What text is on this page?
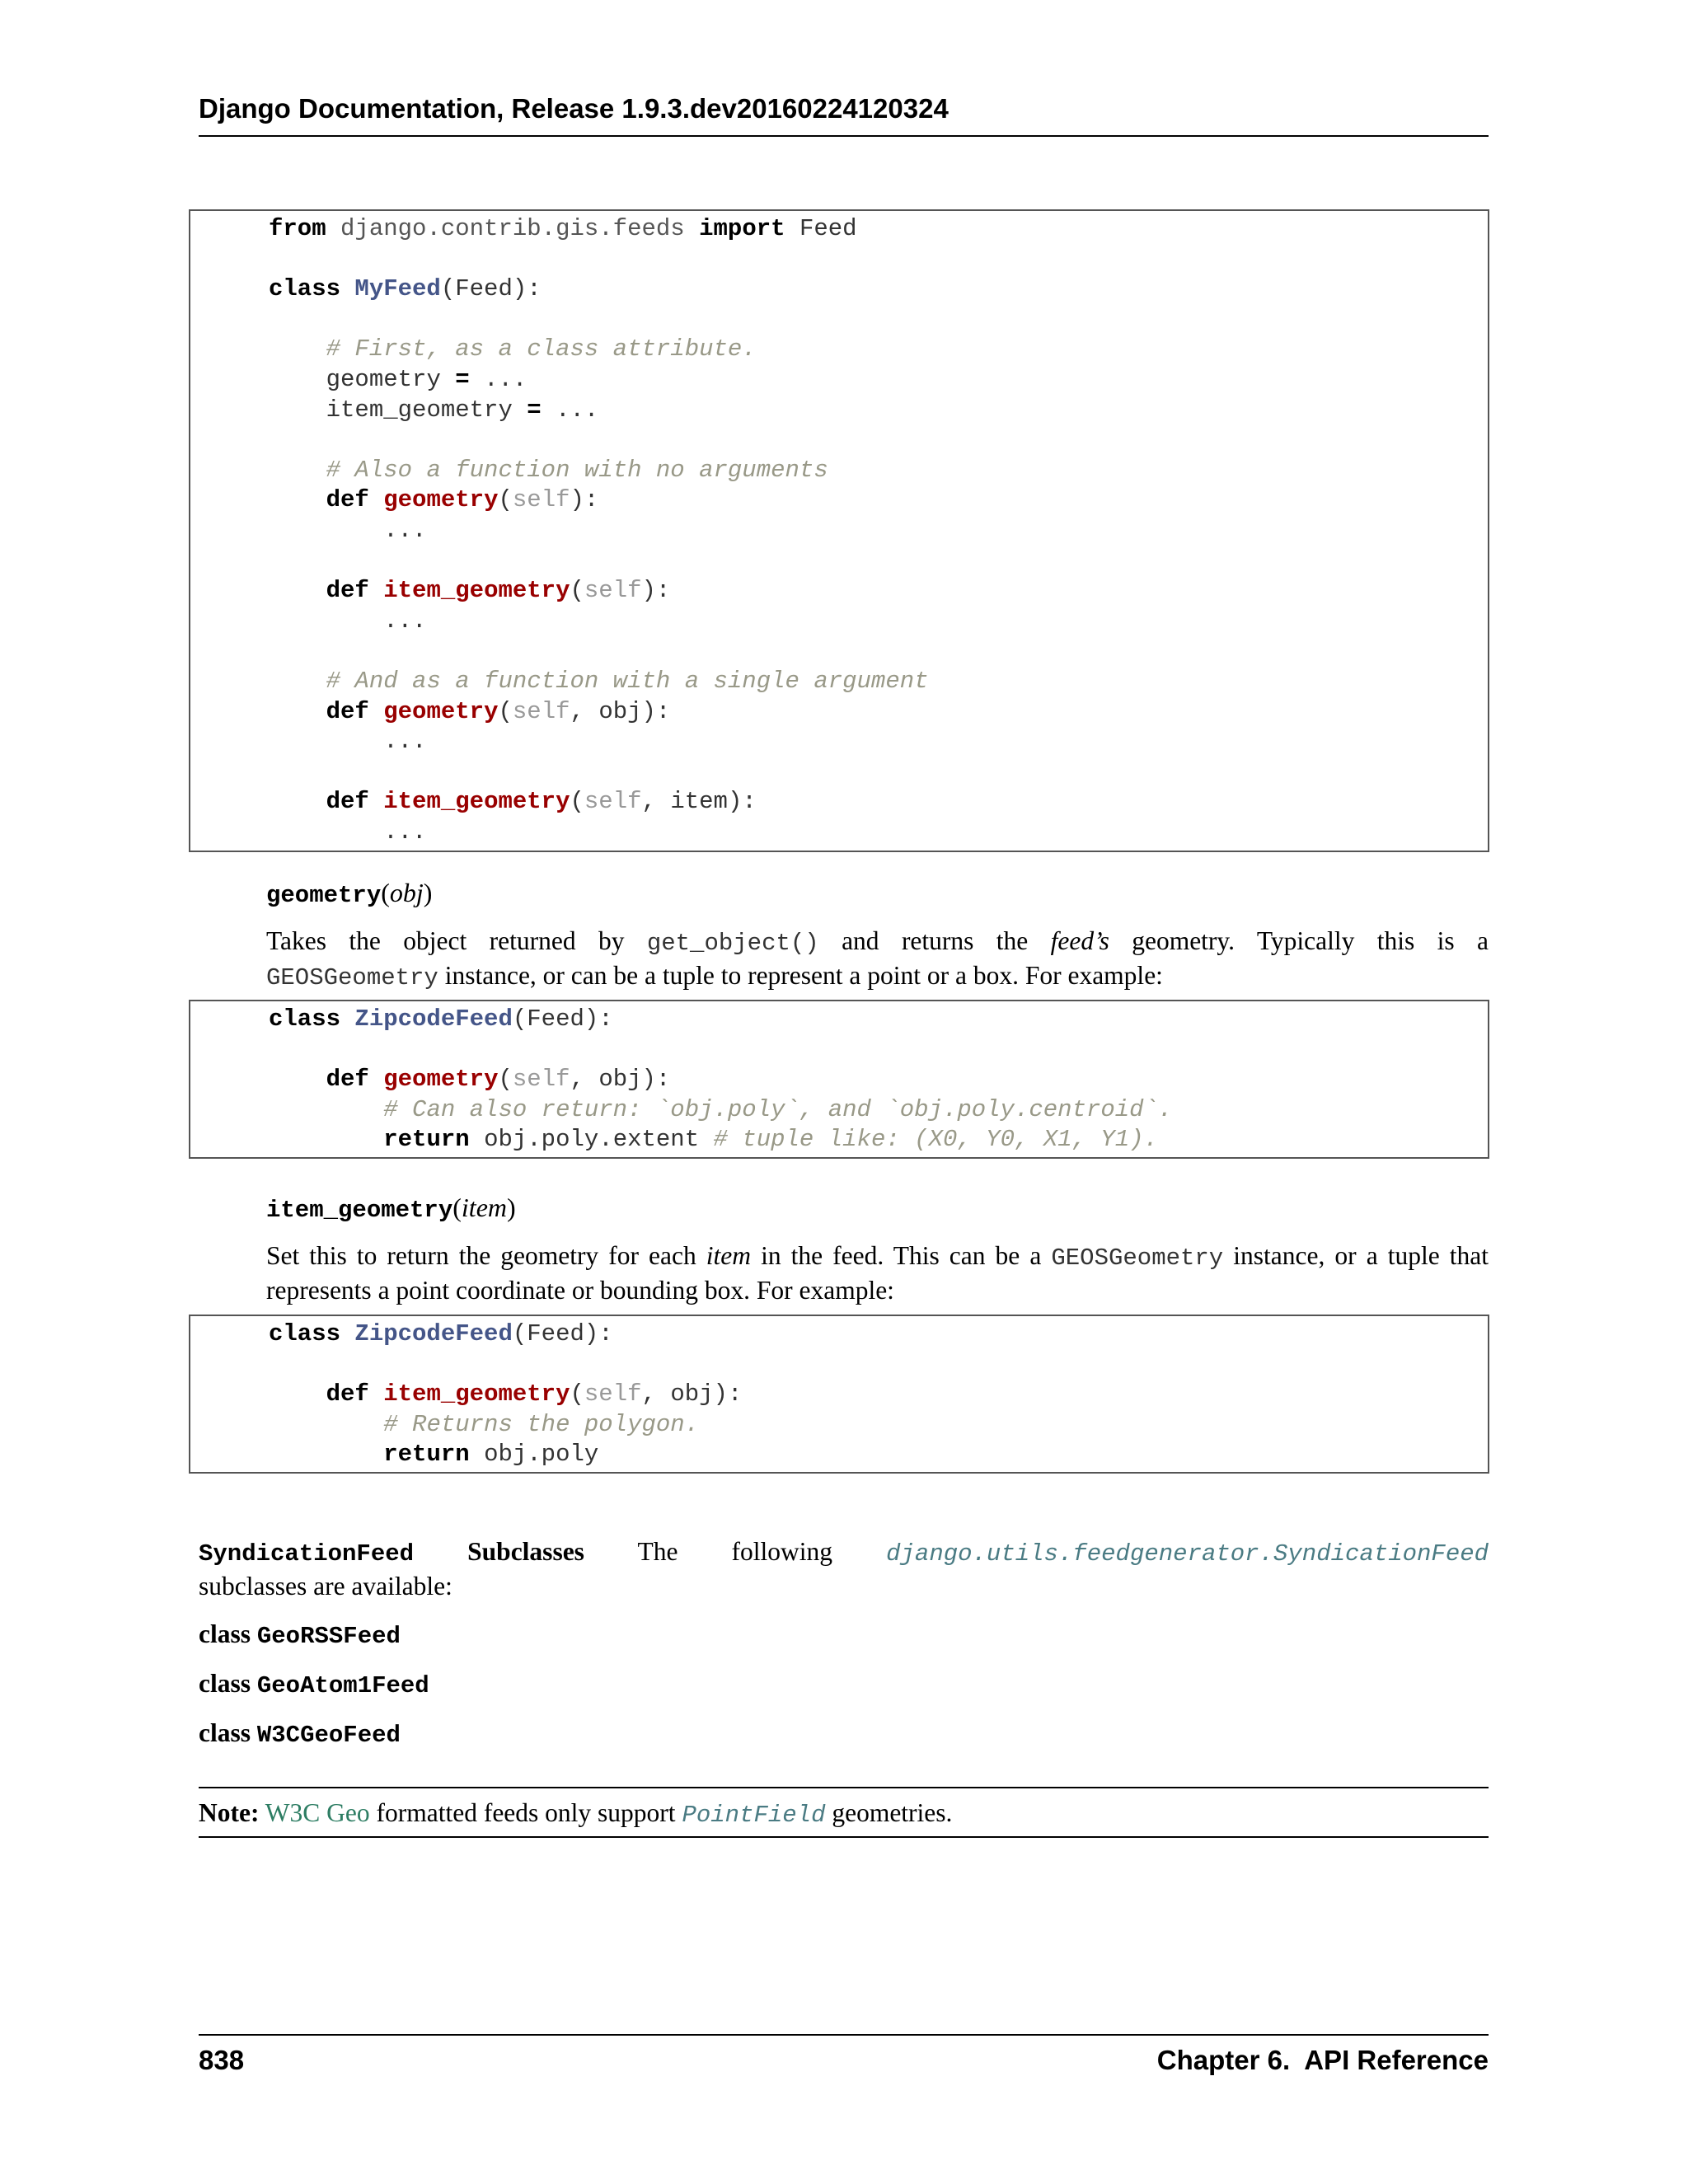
Django Documentation, Release 1.9.3.dev20160224120324
from django.contrib.gis.feeds import Feed

class MyFeed(Feed):

# First, as a class attribute.
geometry = ...
item_geometry = ...

# Also a function with no arguments
def geometry(self):
...

def item_geometry(self):
...

# And as a function with a single argument
def geometry(self, obj):
...

def item_geometry(self, item):
...
geometry(obj)
Takes the object returned by get_object() and returns the feed’s geometry. Typically this is a
GEOSGeometry instance, or can be a tuple to represent a point or a box. For example:
class ZipcodeFeed(Feed):

def geometry(self, obj):
# Can also return: `obj.poly`, and `obj.poly.centroid`.
return obj.poly.extent # tuple like: (X0, Y0, X1, Y1).
item_geometry(item)
Set this to return the geometry for each item in the feed. This can be a GEOSGeometry instance, or a tuple that
represents a point coordinate or bounding box. For example:
class ZipcodeFeed(Feed):

def item_geometry(self, obj):
# Returns the polygon.
return obj.poly
SyndicationFeed Subclasses The following django.utils.feedgenerator.SyndicationFeed
subclasses are available:
class GeoRSSFeed
class GeoAtom1Feed
class W3CGeoFeed
Note: W3C Geo formatted feeds only support PointField geometries.
838	Chapter 6.  API Reference
